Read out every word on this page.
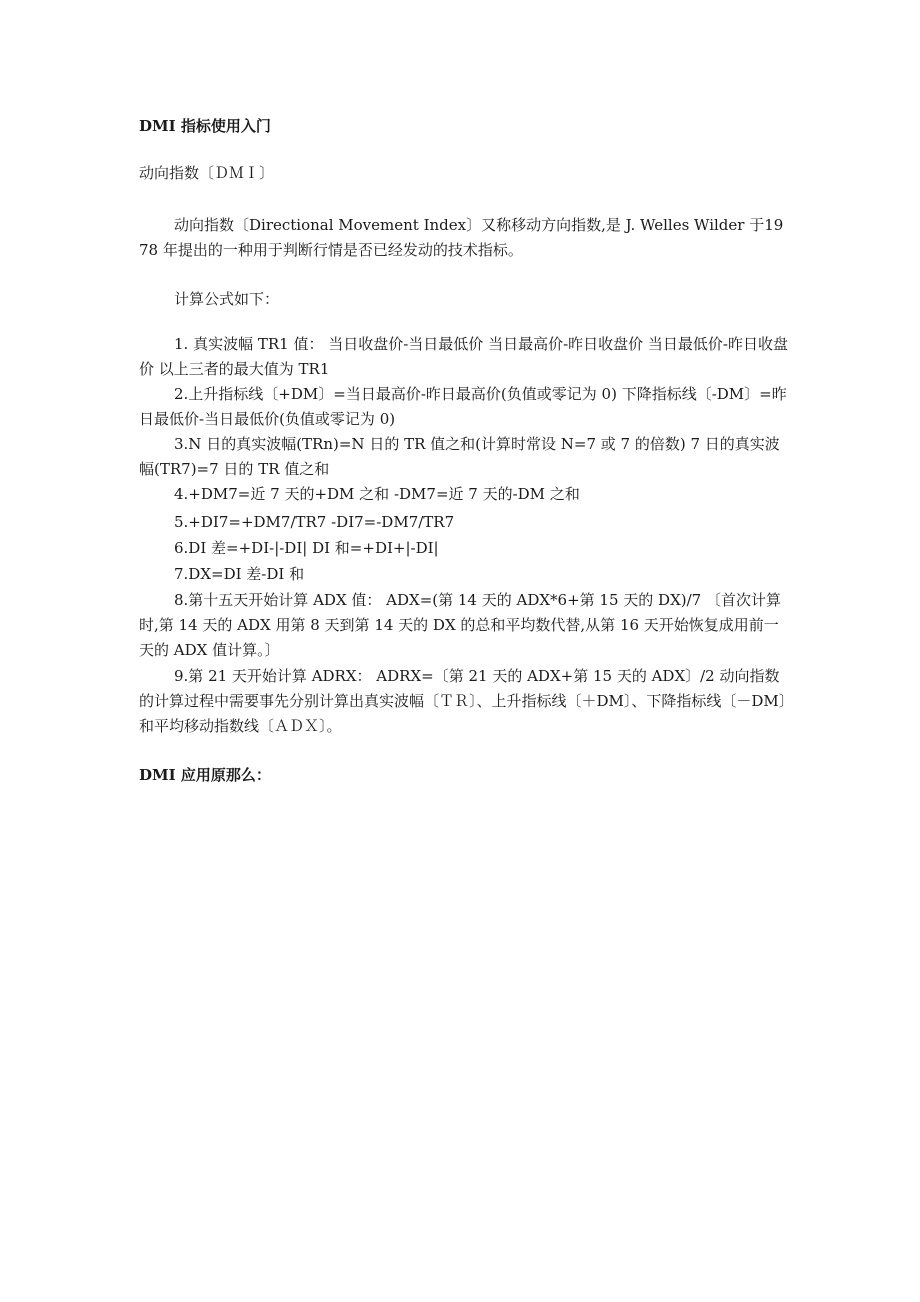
DMI 指标使用入门

动向指数〔ＤＭＩ〕

动向指数〔Directional Movement Index〕又称移动方向指数,是 J. Welles Wilder 于1978 年提出的一种用于判断行情是否已经发动的技术指标。

计算公式如下：

1. 真实波幅 TR1 值： 当日收盘价-当日最低价 当日最高价-昨日收盘价 当日最低价-昨日收盘价 以上三者的最大值为 TR1

2.上升指标线〔+DM〕=当日最高价-昨日最高价(负值或零记为 0) 下降指标线〔-DM〕=昨日最低价-当日最低价(负值或零记为 0)

3.N 日的真实波幅(TRn)=N 日的 TR 值之和(计算时常设 N=7 或 7 的倍数) 7 日的真实波幅(TR7)=7 日的 TR 值之和

4.+DM7=近 7 天的+DM 之和 -DM7=近 7 天的-DM 之和

5.+DI7=+DM7/TR7 -DI7=-DM7/TR7

6.DI 差=+DI-|-DI| DI 和=+DI+|-DI|

7.DX=DI 差-DI 和

8.第十五天开始计算 ADX 值： ADX=(第 14 天的 ADX*6+第 15 天的 DX)/7 〔首次计算时,第 14 天的 ADX 用第 8 天到第 14 天的 DX 的总和平均数代替,从第 16 天开始恢复成用前一天的 ADX 值计算。〕

9.第 21 天开始计算 ADRX： ADRX=〔第 21 天的 ADX+第 15 天的 ADX〕/2 动向指数的计算过程中需要事先分别计算出真实波幅〔ＴＲ〕、上升指标线〔＋DM〕、下降指标线〔－DM〕和平均移动指数线〔ＡＤＸ〕。

DMI 应用原那么：
